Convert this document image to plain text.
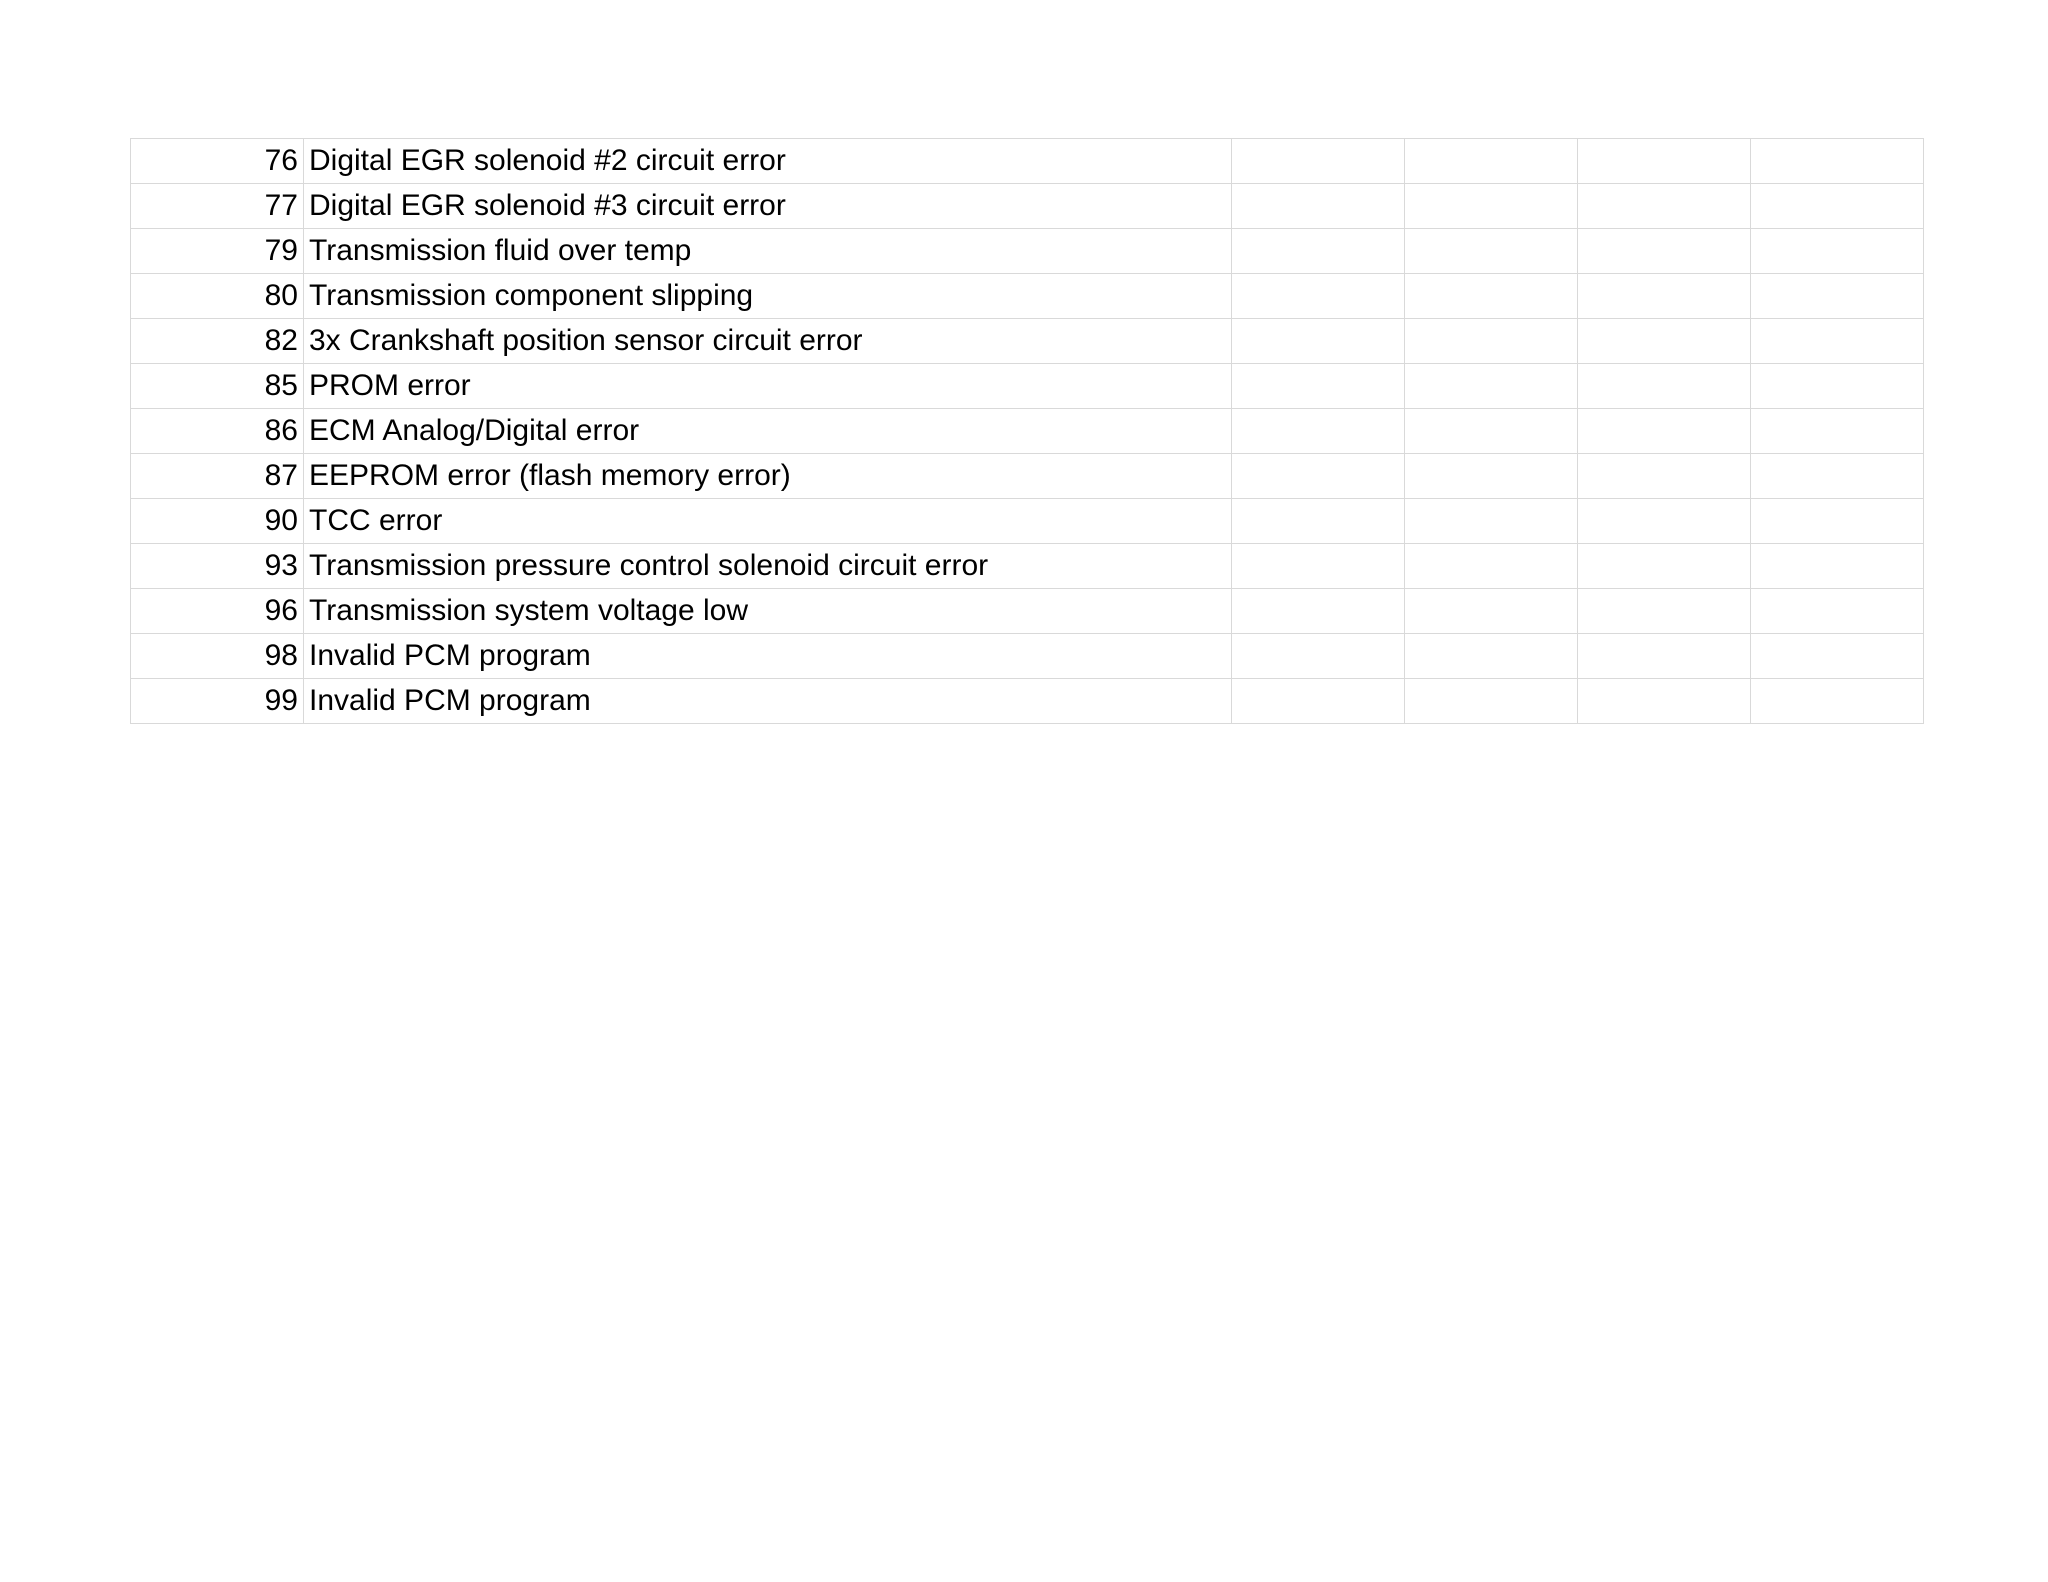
76	Digital EGR solenoid #2 circuit error				
77	Digital EGR solenoid #3 circuit error				
79	Transmission fluid over temp				
80	Transmission component slipping				
82	3x Crankshaft position sensor circuit error				
85	PROM error				
86	ECM Analog/Digital error				
87	EEPROM error (flash memory error)				
90	TCC error				
93	Transmission pressure control solenoid circuit error				
96	Transmission system voltage low				
98	Invalid PCM program				
99	Invalid PCM program				
